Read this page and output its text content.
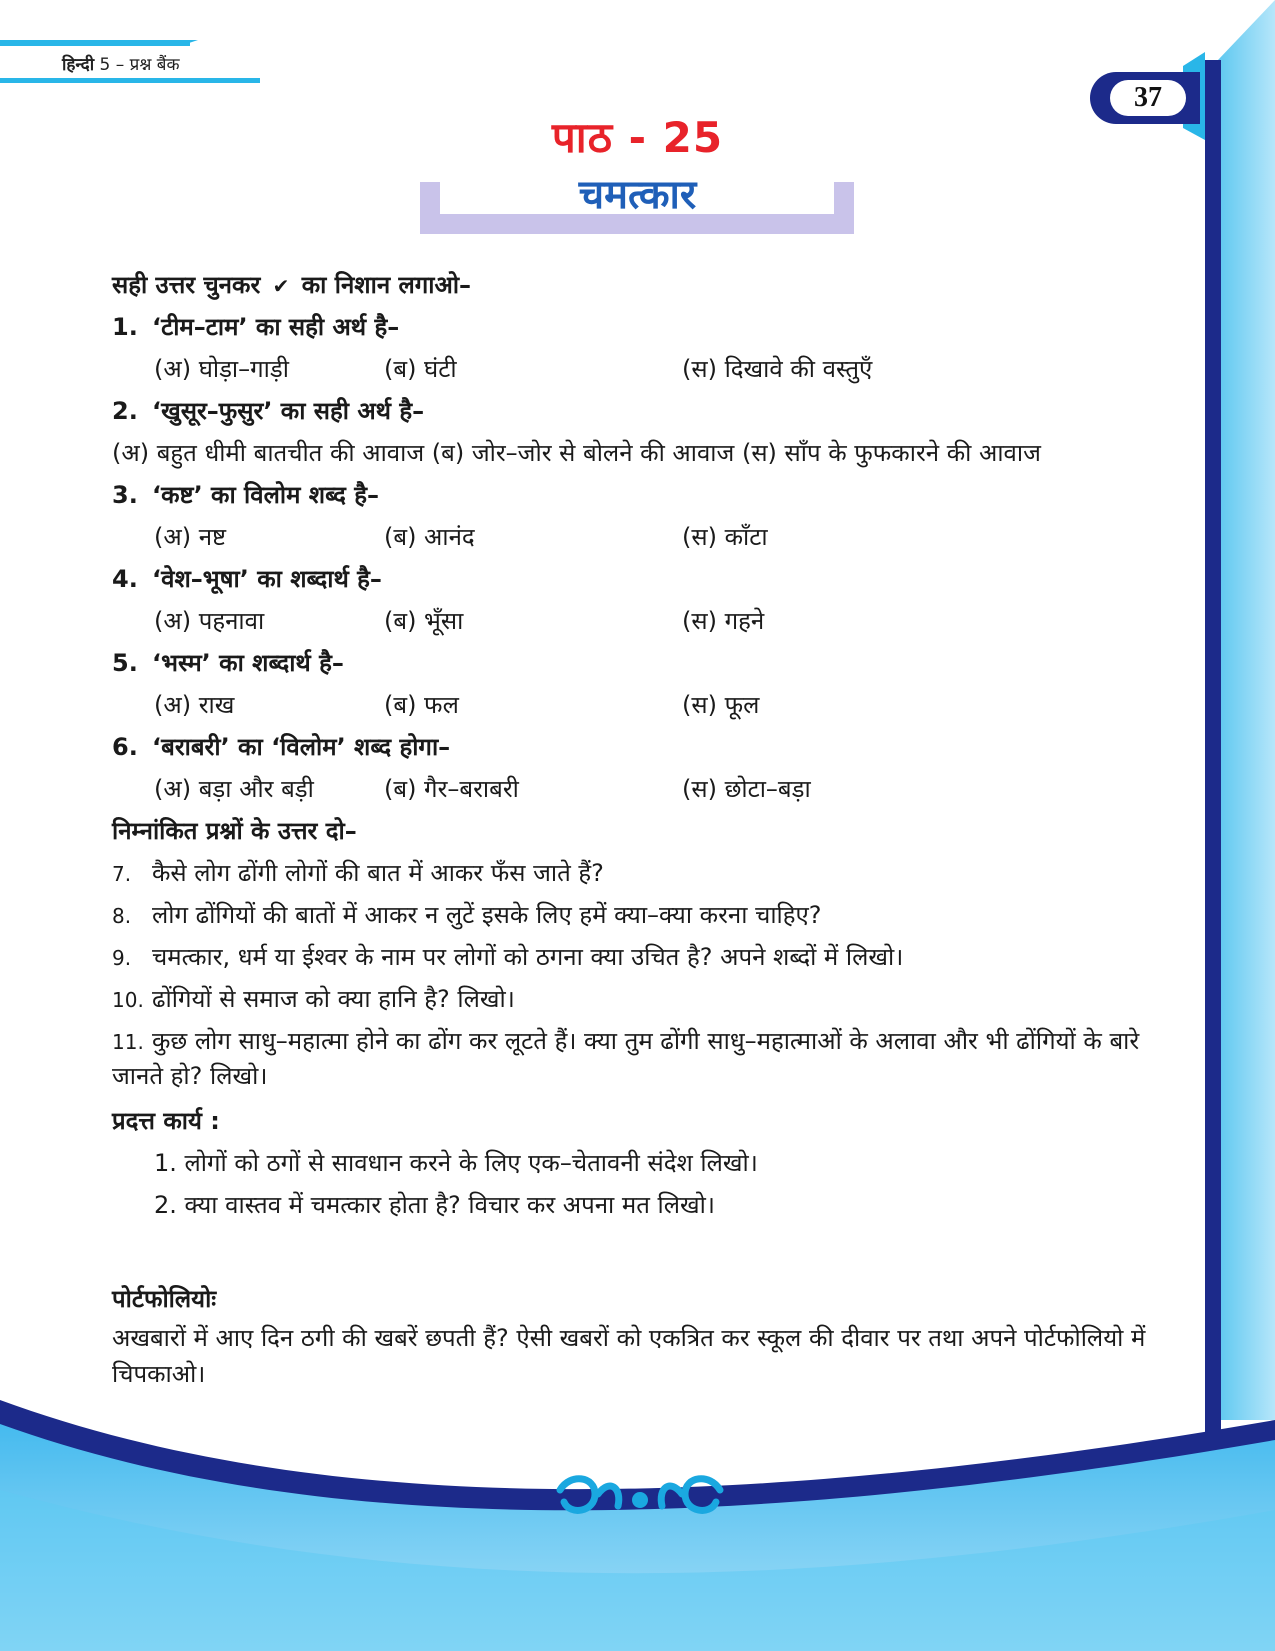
हिन्दी 5 – प्रश्न बैंक
37
पाठ - 25
चमत्कार
सही उत्तर चुनकर ✔ का निशान लगाओ–
1. ‘टीम–टाम’ का सही अर्थ है–
(अ) घोड़ा–गाड़ी	(ब) घंटी	(स) दिखावे की वस्तुएँ
2. ‘खुसूर–फुसुर’ का सही अर्थ है–
(अ) बहुत धीमी बातचीत की आवाज (ब) जोर–जोर से बोलने की आवाज (स) साँप के फुफकारने की आवाज
3. ‘कष्ट’ का विलोम शब्द है–
(अ) नष्ट	(ब) आनंद	(स) काँटा
4. ‘वेश–भूषा’ का शब्दार्थ है–
(अ) पहनावा	(ब) भूँसा	(स) गहने
5. ‘भस्म’ का शब्दार्थ है–
(अ) राख	(ब) फल	(स) फूल
6. ‘बराबरी’ का ‘विलोम’ शब्द होगा–
(अ) बड़ा और बड़ी	(ब) गैर–बराबरी	(स) छोटा–बड़ा
निम्नांकित प्रश्नों के उत्तर दो–
7. कैसे लोग ढोंगी लोगों की बात में आकर फँस जाते हैं?
8. लोग ढोंगियों की बातों में आकर न लुटें इसके लिए हमें क्या–क्या करना चाहिए?
9. चमत्कार, धर्म या ईश्वर के नाम पर लोगों को ठगना क्या उचित है? अपने शब्दों में लिखो।
10. ढोंगियों से समाज को क्या हानि है? लिखो।
11. कुछ लोग साधु–महात्मा होने का ढोंग कर लूटते हैं। क्या तुम ढोंगी साधु–महात्माओं के अलावा और भी ढोंगियों के बारे जानते हो? लिखो।
प्रदत्त कार्य :
1. लोगों को ठगों से सावधान करने के लिए एक–चेतावनी संदेश लिखो।
2. क्या वास्तव में चमत्कार होता है? विचार कर अपना मत लिखो।
पोर्टफोलियोः
अखबारों में आए दिन ठगी की खबरें छपती हैं? ऐसी खबरों को एकत्रित कर स्कूल की दीवार पर तथा अपने पोर्टफोलियो में चिपकाओ।
